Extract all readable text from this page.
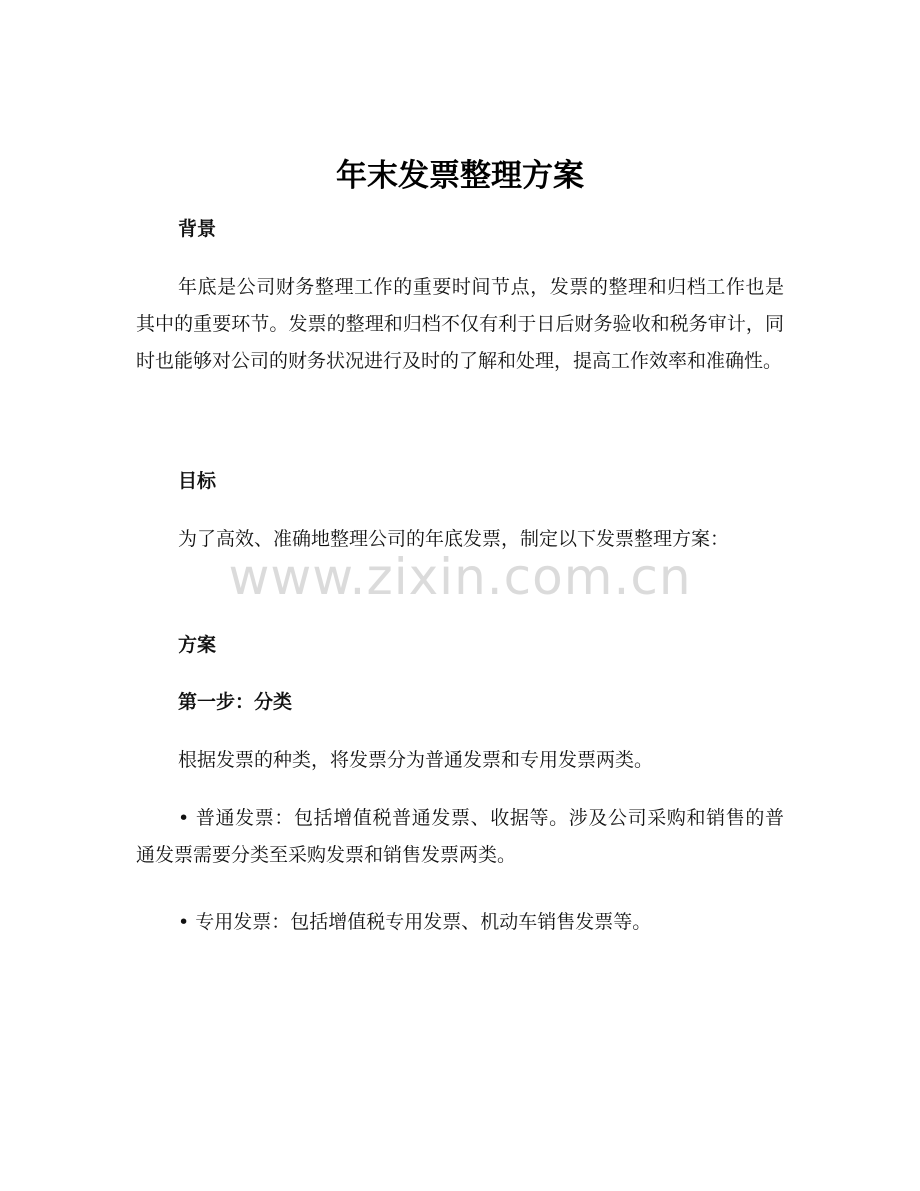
年末发票整理方案
背景

年底是公司财务整理工作的重要时间节点，发票的整理和归档工作也是其中的重要环节。发票的整理和归档不仅有利于日后财务验收和税务审计，同时也能够对公司的财务状况进行及时的了解和处理，提高工作效率和准确性。

目标

为了高效、准确地整理公司的年底发票，制定以下发票整理方案：

方案
第一步：分类

根据发票的种类，将发票分为普通发票和专用发票两类。

• 普通发票：包括增值税普通发票、收据等。涉及公司采购和销售的普通发票需要分类至采购发票和销售发票两类。

• 专用发票：包括增值税专用发票、机动车销售发票等。

www.zixin.com.cn
